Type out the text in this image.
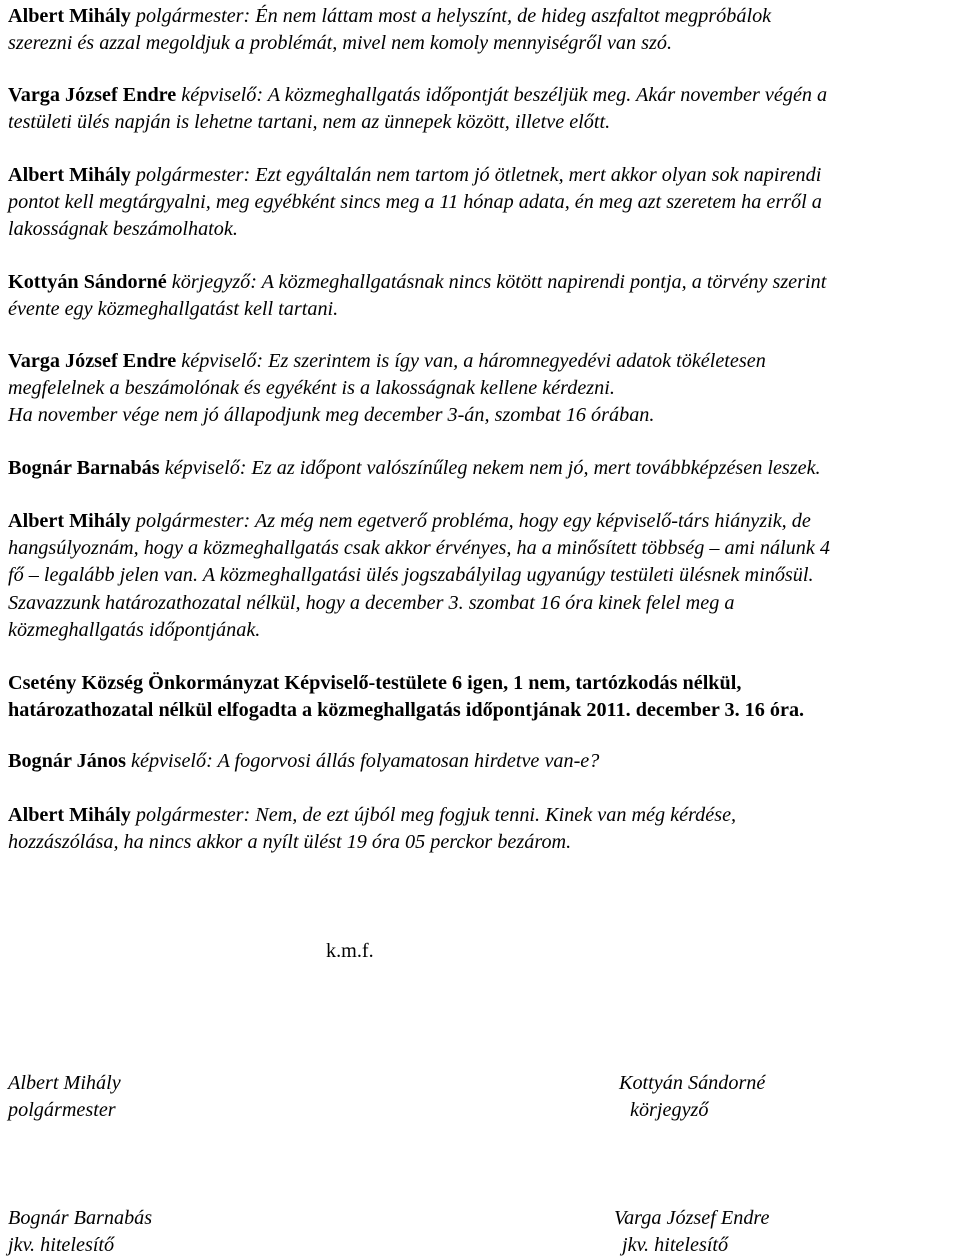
Albert Mihály polgármester: Én nem láttam most a helyszínt, de hideg aszfaltot megpróbálok
szerezni és azzal megoldjuk a problémát, mivel nem komoly mennyiségről van szó.
Varga József Endre képviselő: A közmeghallgatás időpontját beszéljük meg. Akár november végén a
testületi ülés napján is lehetne tartani, nem az ünnepek között, illetve előtt.
Albert Mihály polgármester: Ezt egyáltalán nem tartom jó ötletnek, mert akkor olyan sok napirendi
pontot kell megtárgyalni, meg egyébként sincs meg a 11 hónap adata, én meg azt szeretem ha erről a
lakosságnak beszámolhatok.
Kottyán Sándorné körjegyző: A közmeghallgatásnak nincs kötött napirendi pontja, a törvény szerint
évente egy közmeghallgatást kell tartani.
Varga József Endre képviselő: Ez szerintem is így van, a háromnegyedévi adatok tökéletesen
megfelelnek a beszámolónak és egyéként is a lakosságnak kellene kérdezni.
Ha november vége nem jó állapodjunk meg december 3-án, szombat 16 órában.
Bognár Barnabás képviselő: Ez az időpont valószínűleg nekem nem jó, mert továbbképzésen leszek.
Albert Mihály polgármester: Az még nem egetverő probléma, hogy egy képviselő-társ hiányzik, de
hangsúlyoznám, hogy a közmeghallgatás csak akkor érvényes, ha a minősített többség – ami nálunk 4
fő – legalább jelen van. A közmeghallgatási ülés jogszabályilag ugyanúgy testületi ülésnek minősül.
Szavazzunk határozathozatal nélkül, hogy a december 3. szombat 16 óra kinek felel meg a
közmeghallgatás időpontjának.
Csetény Község Önkormányzat Képviselő-testülete 6 igen, 1 nem, tartózkodás nélkül,
határozathozatal nélkül elfogadta a közmeghallgatás időpontjának 2011. december 3. 16 óra.
Bognár János képviselő: A fogorvosi állás folyamatosan hirdetve van-e?
Albert Mihály polgármester: Nem, de ezt újból meg fogjuk tenni. Kinek van még kérdése,
hozzászólása, ha nincs akkor a nyílt ülést 19 óra 05 perckor bezárom.
k.m.f.
Albert Mihály
polgármester
Kottyán Sándorné
körjegyző
Bognár Barnabás
jkv. hitelesítő
Varga József Endre
jkv. hitelesítő
